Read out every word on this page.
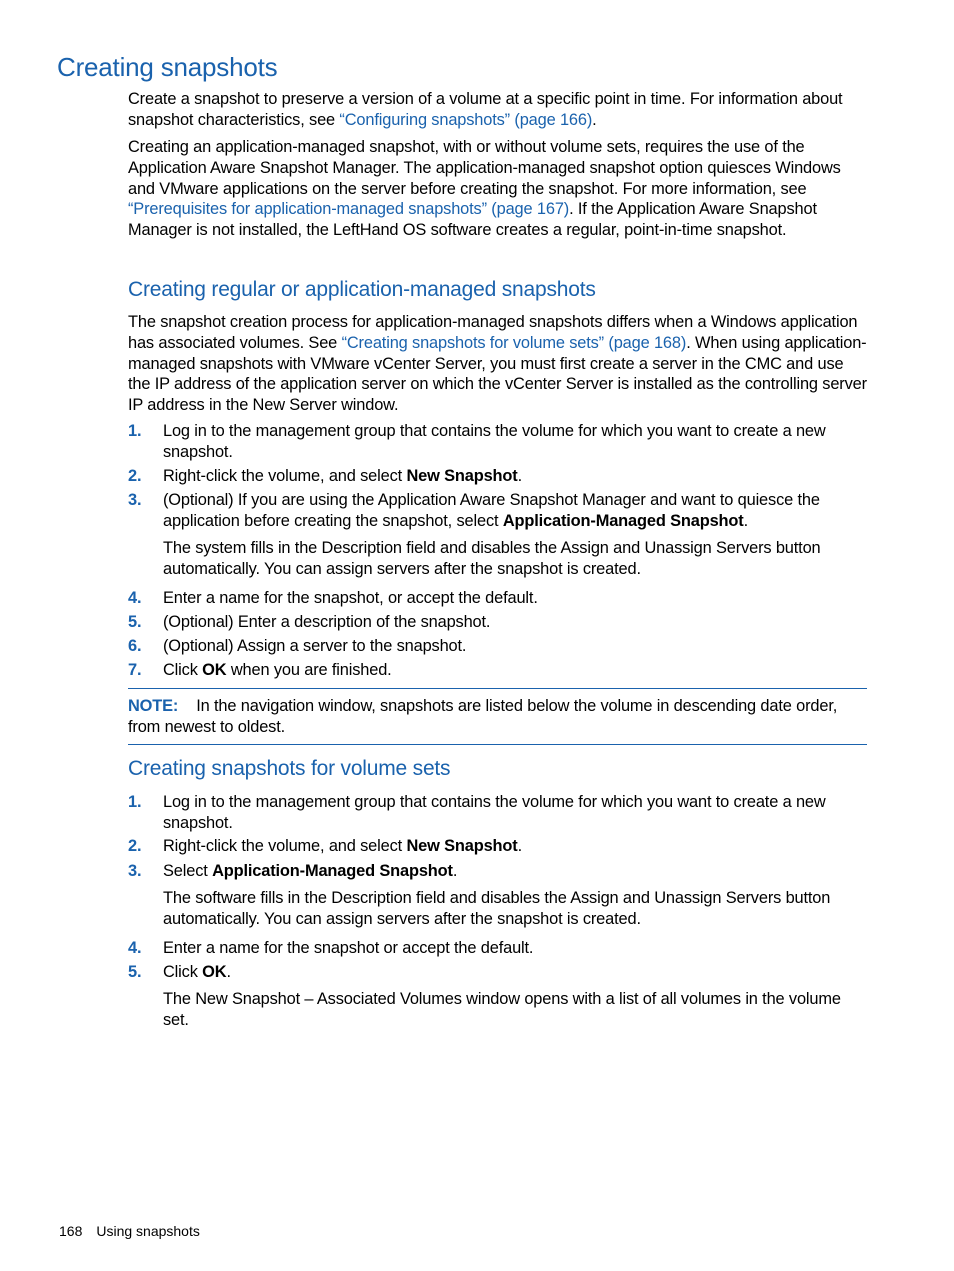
Creating snapshots

Create a snapshot to preserve a version of a volume at a specific point in time. For information about snapshot characteristics, see “Configuring snapshots” (page 166).

Creating an application-managed snapshot, with or without volume sets, requires the use of the Application Aware Snapshot Manager. The application-managed snapshot option quiesces Windows and VMware applications on the server before creating the snapshot. For more information, see “Prerequisites for application-managed snapshots” (page 167). If the Application Aware Snapshot Manager is not installed, the LeftHand OS software creates a regular, point-in-time snapshot.

Creating regular or application-managed snapshots

The snapshot creation process for application-managed snapshots differs when a Windows application has associated volumes. See “Creating snapshots for volume sets” (page 168). When using application-managed snapshots with VMware vCenter Server, you must first create a server in the CMC and use the IP address of the application server on which the vCenter Server is installed as the controlling server IP address in the New Server window.

1. Log in to the management group that contains the volume for which you want to create a new snapshot.
2. Right-click the volume, and select New Snapshot.
3. (Optional) If you are using the Application Aware Snapshot Manager and want to quiesce the application before creating the snapshot, select Application-Managed Snapshot.

The system fills in the Description field and disables the Assign and Unassign Servers button automatically. You can assign servers after the snapshot is created.

4. Enter a name for the snapshot, or accept the default.
5. (Optional) Enter a description of the snapshot.
6. (Optional) Assign a server to the snapshot.
7. Click OK when you are finished.

NOTE: In the navigation window, snapshots are listed below the volume in descending date order, from newest to oldest.

Creating snapshots for volume sets
1. Log in to the management group that contains the volume for which you want to create a new snapshot.
2. Right-click the volume, and select New Snapshot.
3. Select Application-Managed Snapshot.

The software fills in the Description field and disables the Assign and Unassign Servers button automatically. You can assign servers after the snapshot is created.

4. Enter a name for the snapshot or accept the default.
5. Click OK.

The New Snapshot – Associated Volumes window opens with a list of all volumes in the volume set.

168 Using snapshots
